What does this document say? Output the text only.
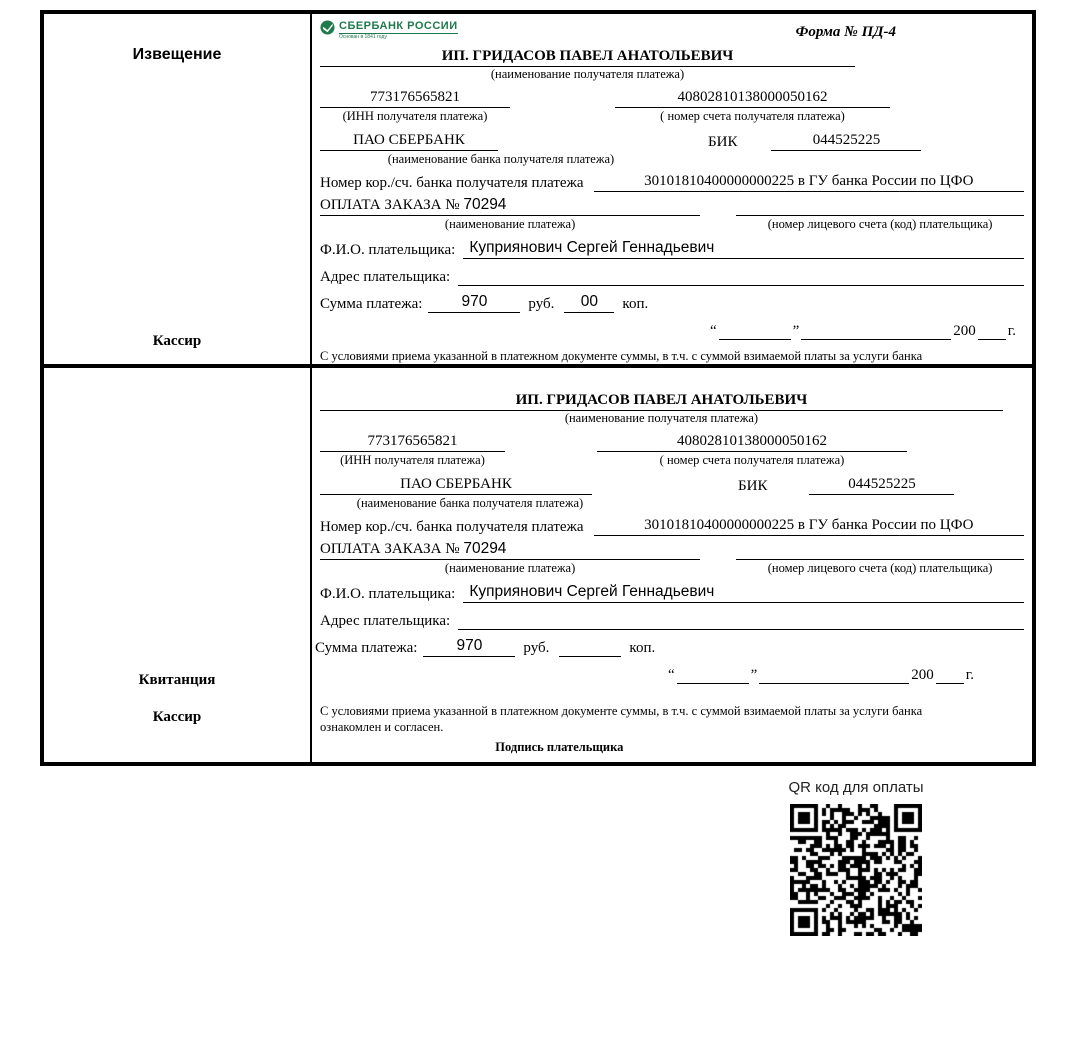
Извещение
Кассир
СБЕРБАНК РОССИИ
Основан в 1841 году	Форма № ПД-4
ИП. ГРИДАСОВ ПАВЕЛ АНАТОЛЬЕВИЧ
(наименование получателя платежа)
773176565821
(ИНН получателя платежа)
40802810138000050162
( номер счета получателя платежа)
ПАО СБЕРБАНК
(наименование банка получателя платежа)
БИК	044525225
Номер кор./сч. банка получателя платежа	30101810400000000225 в ГУ банка России по ЦФО
ОПЛАТА ЗАКАЗА № 70294
(наименование платежа)	(номер лицевого счета (код) плательщика)
Ф.И.О. плательщика: Куприянович Сергей Геннадьевич
Адрес плательщика:
Сумма платежа:	970	руб.	00	коп.
“	”	200 г.
С условиями приема указанной в платежном документе суммы, в т.ч. с суммой взимаемой платы за услуги банка
Квитанция
Кассир
ИП. ГРИДАСОВ ПАВЕЛ АНАТОЛЬЕВИЧ
(наименование получателя платежа)
773176565821
(ИНН получателя платежа)
40802810138000050162
( номер счета получателя платежа)
ПАО СБЕРБАНК
(наименование банка получателя платежа)
БИК	044525225
Номер кор./сч. банка получателя платежа	30101810400000000225 в ГУ банка России по ЦФО
ОПЛАТА ЗАКАЗА № 70294
(наименование платежа)	(номер лицевого счета (код) плательщика)
Ф.И.О. плательщика: Куприянович Сергей Геннадьевич
Адрес плательщика:
Сумма платежа:	970	руб.	коп.
“	”	200 г.
С условиями приема указанной в платежном документе суммы, в т.ч. с суммой взимаемой платы за услуги банка
ознакомлен и согласен.
Подпись плательщика
QR код для оплаты
